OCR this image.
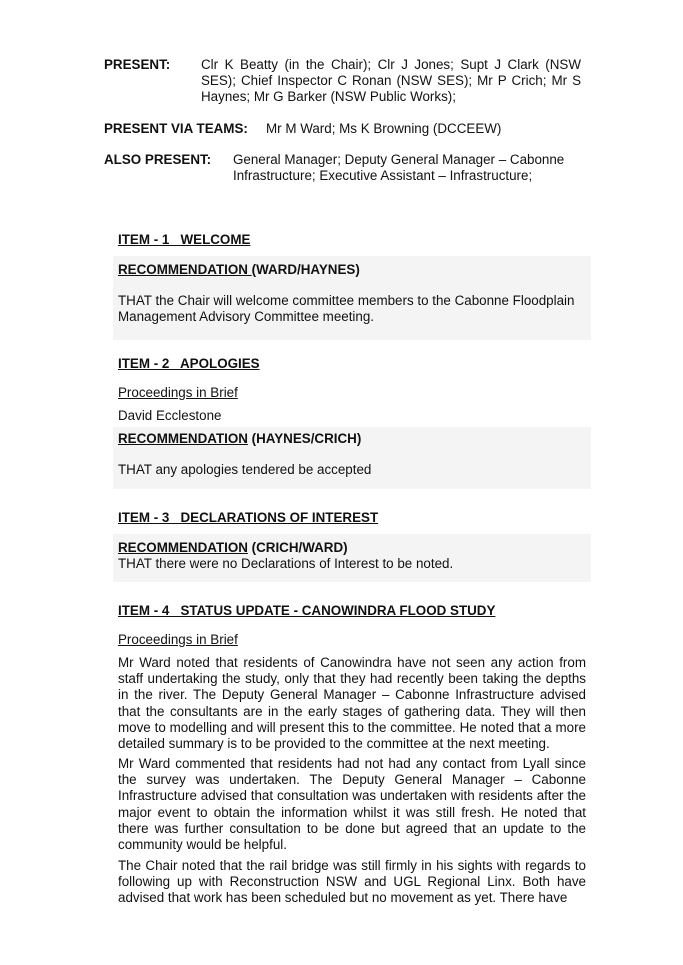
PRESENT: Clr K Beatty (in the Chair); Clr J Jones; Supt J Clark (NSW SES); Chief Inspector C Ronan (NSW SES); Mr P Crich; Mr S Haynes; Mr G Barker (NSW Public Works);
PRESENT VIA TEAMS: Mr M Ward; Ms K Browning (DCCEEW)
ALSO PRESENT: General Manager; Deputy General Manager – Cabonne Infrastructure; Executive Assistant – Infrastructure;
ITEM - 1   WELCOME
RECOMMENDATION (WARD/HAYNES)
THAT the Chair will welcome committee members to the Cabonne Floodplain Management Advisory Committee meeting.
ITEM - 2   APOLOGIES
Proceedings in Brief
David Ecclestone
RECOMMENDATION (HAYNES/CRICH)
THAT any apologies tendered be accepted
ITEM - 3   DECLARATIONS OF INTEREST
RECOMMENDATION (CRICH/WARD)
THAT there were no Declarations of Interest to be noted.
ITEM - 4   STATUS UPDATE - CANOWINDRA FLOOD STUDY
Proceedings in Brief
Mr Ward noted that residents of Canowindra have not seen any action from staff undertaking the study, only that they had recently been taking the depths in the river. The Deputy General Manager – Cabonne Infrastructure advised that the consultants are in the early stages of gathering data. They will then move to modelling and will present this to the committee. He noted that a more detailed summary is to be provided to the committee at the next meeting.
Mr Ward commented that residents had not had any contact from Lyall since the survey was undertaken. The Deputy General Manager – Cabonne Infrastructure advised that consultation was undertaken with residents after the major event to obtain the information whilst it was still fresh. He noted that there was further consultation to be done but agreed that an update to the community would be helpful.
The Chair noted that the rail bridge was still firmly in his sights with regards to following up with Reconstruction NSW and UGL Regional Linx. Both have advised that work has been scheduled but no movement as yet. There have
